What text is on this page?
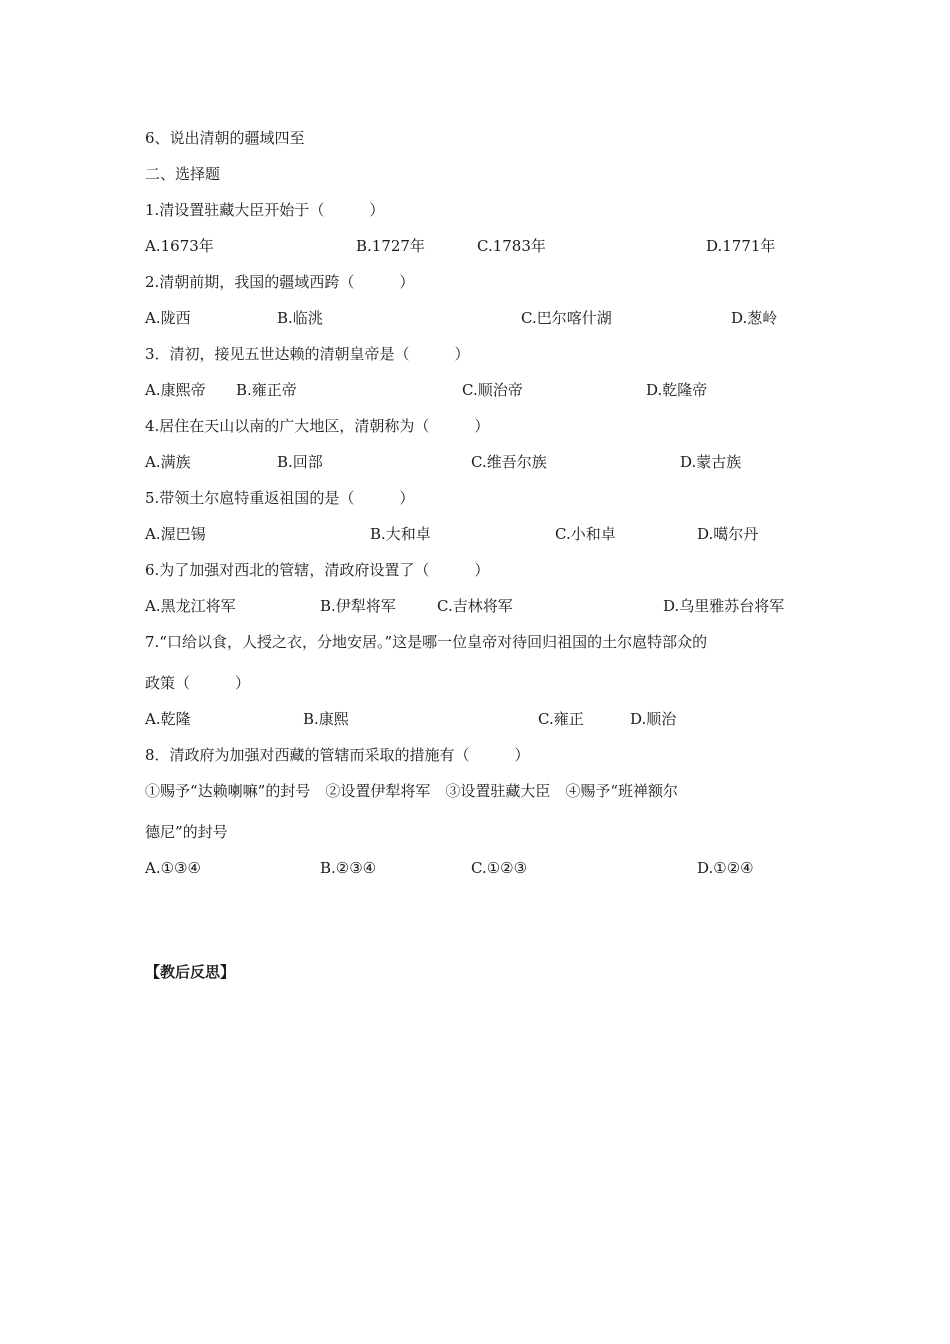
6、说出清朝的疆域四至
二、选择题
1.清设置驻藏大臣开始于（　　　）
A.1673年	B.1727年	C.1783年	D.1771年
2.清朝前期，我国的疆域西跨（　　　）
A.陇西	B.临洮	C.巴尔喀什湖	D.葱岭
3．清初，接见五世达赖的清朝皇帝是（　　　）
A.康熙帝 B.雍正帝	C.顺治帝	D.乾隆帝
4.居住在天山以南的广大地区，清朝称为（　　　）
A.满族	B.回部	C.维吾尔族	D.蒙古族
5.带领土尔扈特重返祖国的是（　　　）
A.渥巴锡	B.大和卓	C.小和卓	D.噶尔丹
6.为了加强对西北的管辖，清政府设置了（　　　）
A.黑龙江将军	B.伊犁将军	C.吉林将军	D.乌里雅苏台将军
7.“口给以食，人授之衣，分地安居。”这是哪一位皇帝对待回归祖国的土尔扈特部众的
政策（　　　）
A.乾隆	B.康熙	C.雍正	D.顺治
8．清政府为加强对西藏的管辖而采取的措施有（　　　）
①赐予“达赖喇嘛”的封号　②设置伊犁将军　③设置驻藏大臣　④赐予“班禅额尔
德尼”的封号
A.①③④	B.②③④	C.①②③	D.①②④
【教后反思】
